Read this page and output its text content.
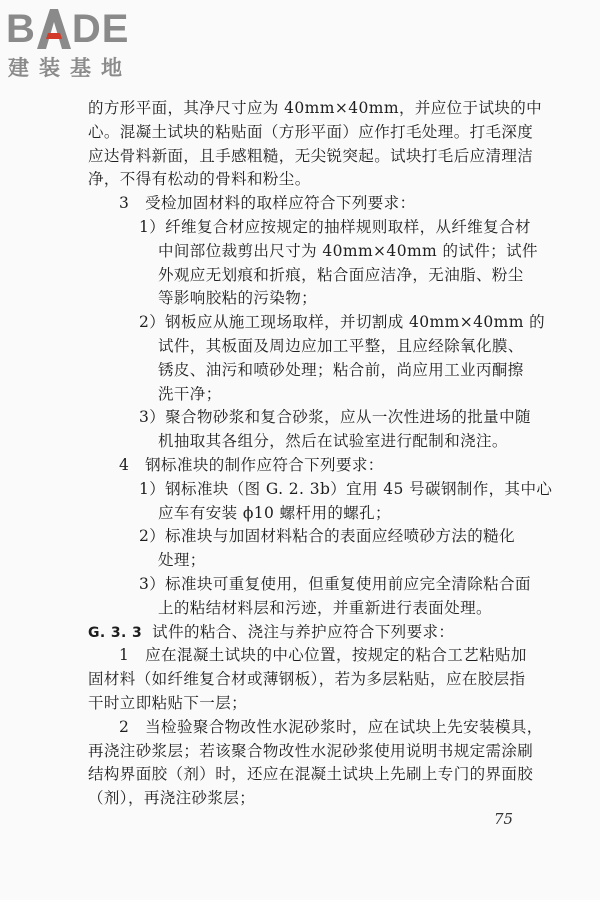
B DE
建装基地
的方形平面，其净尺寸应为 40mm×40mm，并应位于试块的中
心。混凝土试块的粘贴面（方形平面）应作打毛处理。打毛深度
应达骨料新面，且手感粗糙，无尖锐突起。试块打毛后应清理洁
净，不得有松动的骨料和粉尘。
3　受检加固材料的取样应符合下列要求：
1）纤维复合材应按规定的抽样规则取样，从纤维复合材
中间部位裁剪出尺寸为 40mm×40mm 的试件；试件
外观应无划痕和折痕，粘合面应洁净，无油脂、粉尘
等影响胶粘的污染物；
2）钢板应从施工现场取样，并切割成 40mm×40mm 的
试件，其板面及周边应加工平整，且应经除氧化膜、
锈皮、油污和喷砂处理；粘合前，尚应用工业丙酮擦
洗干净；
3）聚合物砂浆和复合砂浆，应从一次性进场的批量中随
机抽取其各组分，然后在试验室进行配制和浇注。
4　钢标准块的制作应符合下列要求：
1）钢标准块（图 G. 2. 3b）宜用 45 号碳钢制作，其中心
应车有安装 ϕ10 螺杆用的螺孔；
2）标准块与加固材料粘合的表面应经喷砂方法的糙化
处理；
3）标准块可重复使用，但重复使用前应完全清除粘合面
上的粘结材料层和污迹，并重新进行表面处理。
G. 3. 3 试件的粘合、浇注与养护应符合下列要求：
1　应在混凝土试块的中心位置，按规定的粘合工艺粘贴加
固材料（如纤维复合材或薄钢板），若为多层粘贴，应在胶层指
干时立即粘贴下一层；
2　当检验聚合物改性水泥砂浆时，应在试块上先安装模具，
再浇注砂浆层；若该聚合物改性水泥砂浆使用说明书规定需涂刷
结构界面胶（剂）时，还应在混凝土试块上先刷上专门的界面胶
（剂），再浇注砂浆层；
75
